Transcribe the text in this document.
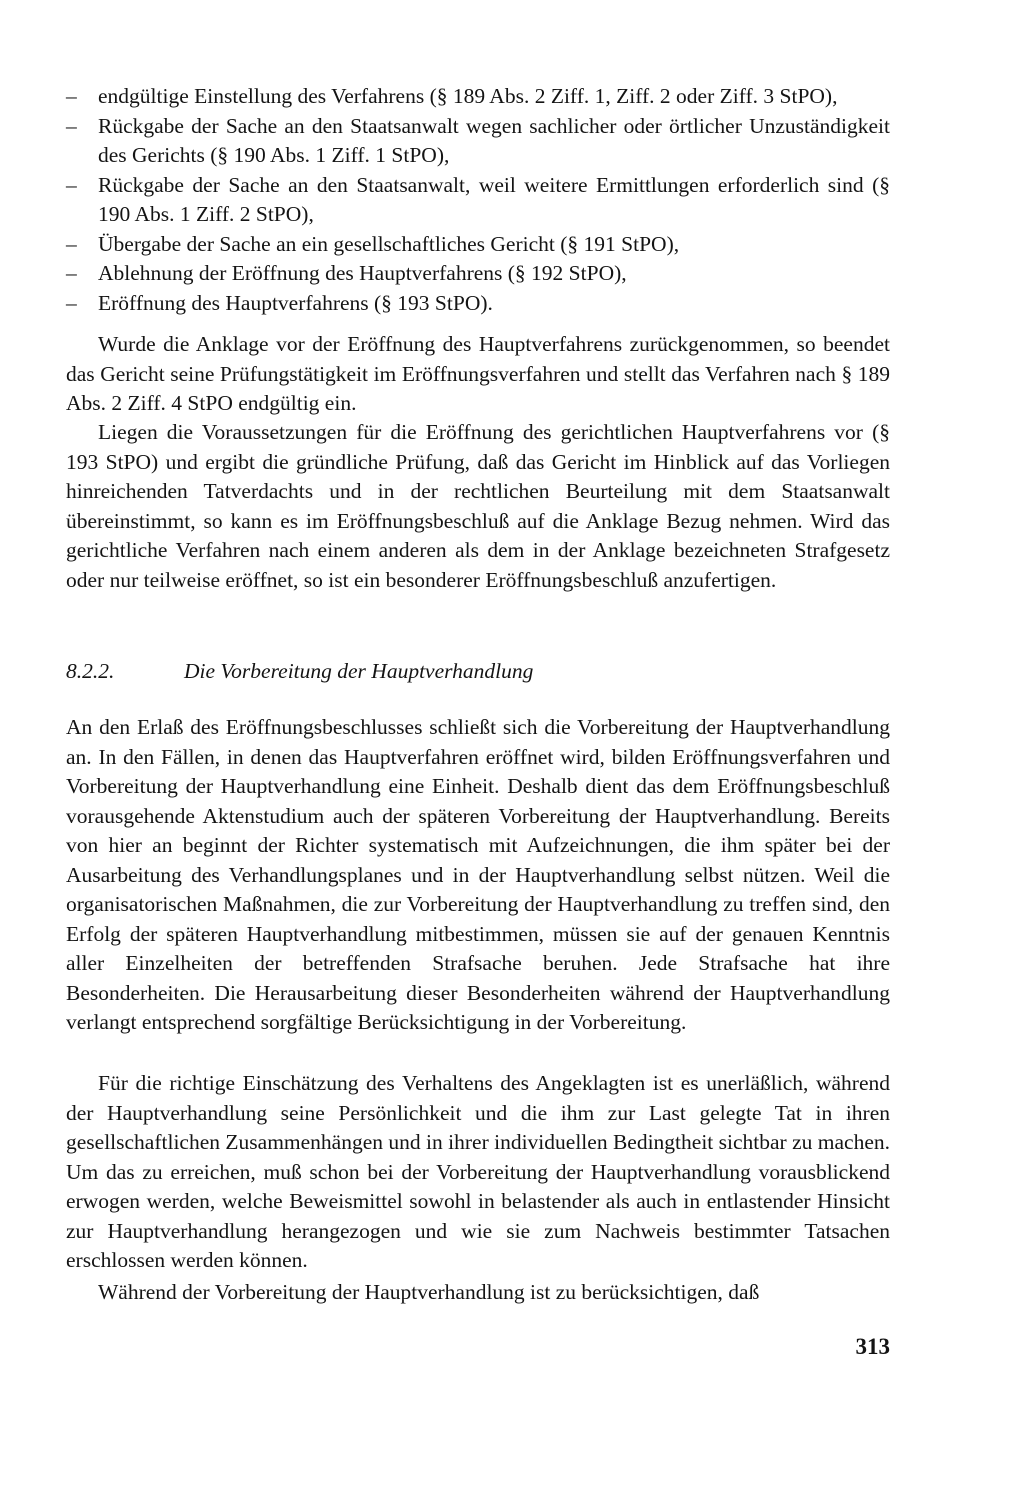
– endgültige Einstellung des Verfahrens (§ 189 Abs. 2 Ziff. 1, Ziff. 2 oder Ziff. 3 StPO),
– Rückgabe der Sache an den Staatsanwalt wegen sachlicher oder örtlicher Unzuständigkeit des Gerichts (§ 190 Abs. 1 Ziff. 1 StPO),
– Rückgabe der Sache an den Staatsanwalt, weil weitere Ermittlungen erforderlich sind (§ 190 Abs. 1 Ziff. 2 StPO),
– Übergabe der Sache an ein gesellschaftliches Gericht (§ 191 StPO),
– Ablehnung der Eröffnung des Hauptverfahrens (§ 192 StPO),
– Eröffnung des Hauptverfahrens (§ 193 StPO).

Wurde die Anklage vor der Eröffnung des Hauptverfahrens zurückgenommen, so beendet das Gericht seine Prüfungstätigkeit im Eröffnungsverfahren und stellt das Verfahren nach § 189 Abs. 2 Ziff. 4 StPO endgültig ein.

Liegen die Voraussetzungen für die Eröffnung des gerichtlichen Hauptverfahrens vor (§ 193 StPO) und ergibt die gründliche Prüfung, daß das Gericht im Hinblick auf das Vorliegen hinreichenden Tatverdachts und in der rechtlichen Beurteilung mit dem Staatsanwalt übereinstimmt, so kann es im Eröffnungsbeschluß auf die Anklage Bezug nehmen. Wird das gerichtliche Verfahren nach einem anderen als dem in der Anklage bezeichneten Strafgesetz oder nur teilweise eröffnet, so ist ein besonderer Eröffnungsbeschluß anzufertigen.

8.2.2.	Die Vorbereitung der Hauptverhandlung

An den Erlaß des Eröffnungsbeschlusses schließt sich die Vorbereitung der Hauptverhandlung an. In den Fällen, in denen das Hauptverfahren eröffnet wird, bilden Eröffnungsverfahren und Vorbereitung der Hauptverhandlung eine Einheit. Deshalb dient das dem Eröffnungsbeschluß vorausgehende Aktenstudium auch der späteren Vorbereitung der Hauptverhandlung. Bereits von hier an beginnt der Richter systematisch mit Aufzeichnungen, die ihm später bei der Ausarbeitung des Verhandlungsplanes und in der Hauptverhandlung selbst nützen. Weil die organisatorischen Maßnahmen, die zur Vorbereitung der Hauptverhandlung zu treffen sind, den Erfolg der späteren Hauptverhandlung mitbestimmen, müssen sie auf der genauen Kenntnis aller Einzelheiten der betreffenden Strafsache beruhen. Jede Strafsache hat ihre Besonderheiten. Die Herausarbeitung dieser Besonderheiten während der Hauptverhandlung verlangt entsprechend sorgfältige Berücksichtigung in der Vorbereitung.

Für die richtige Einschätzung des Verhaltens des Angeklagten ist es unerläßlich, während der Hauptverhandlung seine Persönlichkeit und die ihm zur Last gelegte Tat in ihren gesellschaftlichen Zusammenhängen und in ihrer individuellen Bedingtheit sichtbar zu machen. Um das zu erreichen, muß schon bei der Vorbereitung der Hauptverhandlung vorausblickend erwogen werden, welche Beweismittel sowohl in belastender als auch in entlastender Hinsicht zur Hauptverhandlung herangezogen und wie sie zum Nachweis bestimmter Tatsachen erschlossen werden können.

Während der Vorbereitung der Hauptverhandlung ist zu berücksichtigen, daß

313
